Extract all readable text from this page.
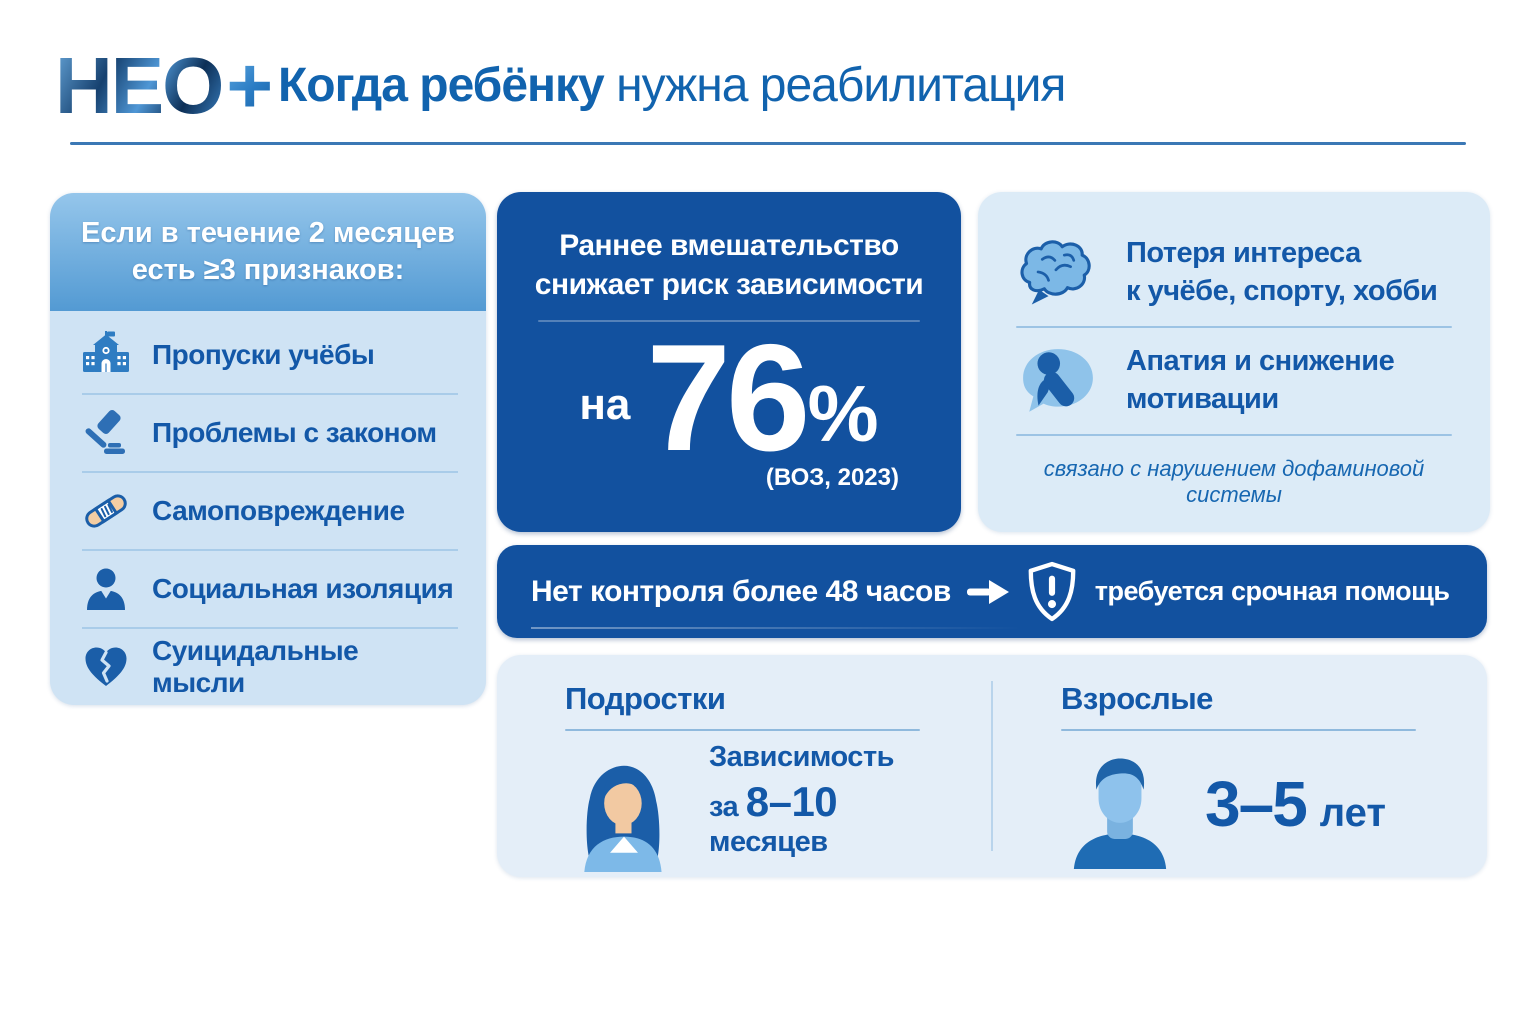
НЕО+ Когда ребёнку нужна реабилитация
Если в течение 2 месяцев
есть ≥3 признаков:
Пропуски учёбы
Проблемы с законом
Самоповреждение
Социальная изоляция
Суицидальные мысли

Раннее вмешательство
снижает риск зависимости

на 76 %
(ВОЗ, 2023)
Потеря интереса
к учёбе, спорту, хобби
Апатия и снижение
мотивации
связано с нарушением дофаминовой системы
Нет контроля более 48 часов	требуется срочная помощь
Подростки
Зависимость
за 8–10 месяцев
Взрослые
3–5 лет
